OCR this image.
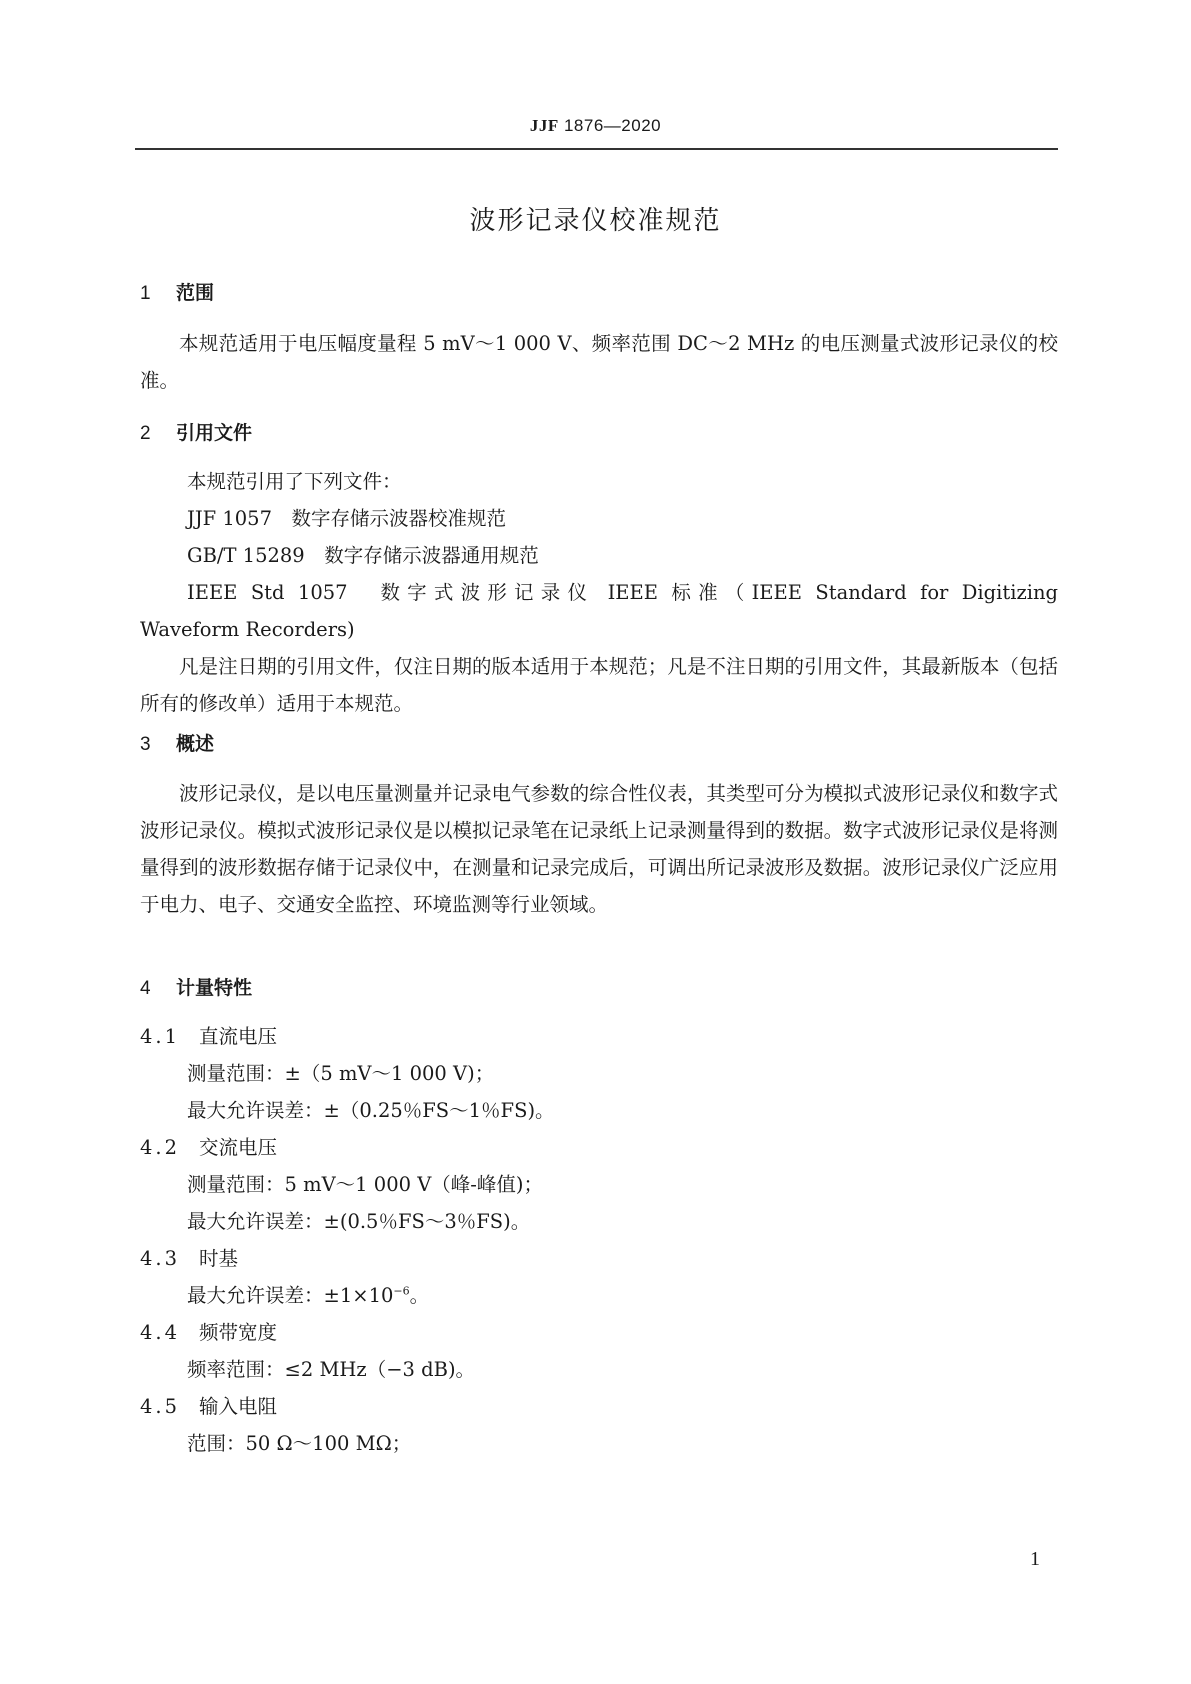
JJF 1876—2020
波形记录仪校准规范
1	范围

本规范适用于电压幅度量程 5 mV～1 000 V、频率范围 DC～2 MHz 的电压测量式波形记录仪的校准。

2	引用文件
本规范引用了下列文件：
JJF 1057  数字存储示波器校准规范
GB/T 15289  数字存储示波器通用规范
IEEE Std 1057  数字式波形记录仪 IEEE 标准（IEEE Standard for Digitizing
Waveform Recorders)

凡是注日期的引用文件，仅注日期的版本适用于本规范；凡是不注日期的引用文件，其最新版本（包括所有的修改单）适用于本规范。

3	概述

波形记录仪，是以电压量测量并记录电气参数的综合性仪表，其类型可分为模拟式波形记录仪和数字式波形记录仪。模拟式波形记录仪是以模拟记录笔在记录纸上记录测量得到的数据。数字式波形记录仪是将测量得到的波形数据存储于记录仪中，在测量和记录完成后，可调出所记录波形及数据。波形记录仪广泛应用于电力、电子、交通安全监控、环境监测等行业领域。

4	计量特性
4.1 直流电压
测量范围：±（5 mV～1 000 V)；
最大允许误差：±（0.25％FS～1％FS)。
4.2 交流电压
测量范围：5 mV～1 000 V（峰-峰值)；
最大允许误差：±(0.5％FS～3％FS)。
4.3 时基
最大允许误差：$\pm 1\times 10^{-6}$。
4.4 频带宽度
频率范围：≤2 MHz（−3 dB)。
4.5 输入电阻
范围：50 Ω～100 MΩ；
1
